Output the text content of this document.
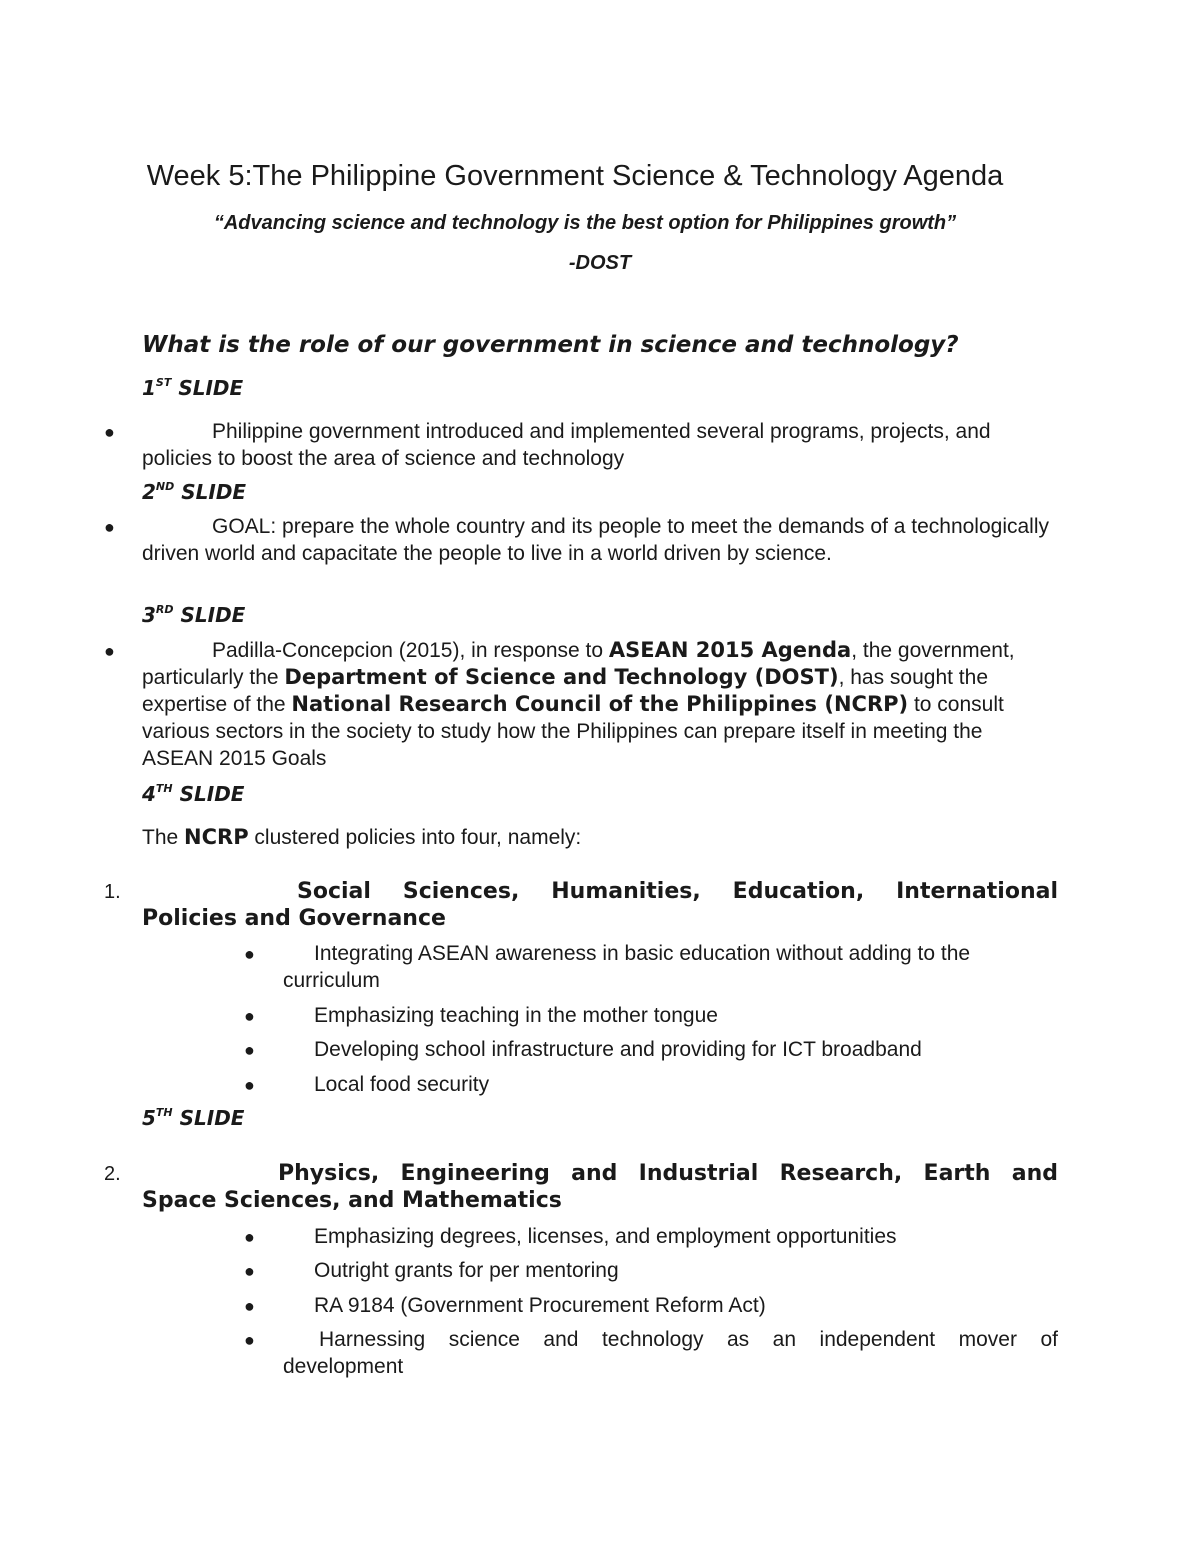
Week 5:The Philippine Government Science & Technology Agenda
“Advancing science and technology is the best option for Philippines growth”
-DOST
What is the role of our government in science and technology?
1ST SLIDE
●	Philippine government introduced and implemented several programs, projects, and policies to boost the area of science and technology
2ND SLIDE
●	GOAL: prepare the whole country and its people to meet the demands of a technologically driven world and capacitate the people to live in a world driven by science.
3RD SLIDE
●	Padilla-Concepcion (2015), in response to ASEAN 2015 Agenda, the government, particularly the Department of Science and Technology (DOST), has sought the expertise of the National Research Council of the Philippines (NCRP) to consult various sectors in the society to study how the Philippines can prepare itself in meeting the ASEAN 2015 Goals
4TH SLIDE
The NCRP clustered policies into four, namely:
1.	Social Sciences, Humanities, Education, International Policies and Governance
●	Integrating ASEAN awareness in basic education without adding to the curriculum
●	Emphasizing teaching in the mother tongue
●	Developing school infrastructure and providing for ICT broadband
●	Local food security
5TH SLIDE
2.	Physics, Engineering and Industrial Research, Earth and Space Sciences, and Mathematics
●	Emphasizing degrees, licenses, and employment opportunities
●	Outright grants for per mentoring
●	RA 9184 (Government Procurement Reform Act)
●	Harnessing science and technology as an independent mover of development
